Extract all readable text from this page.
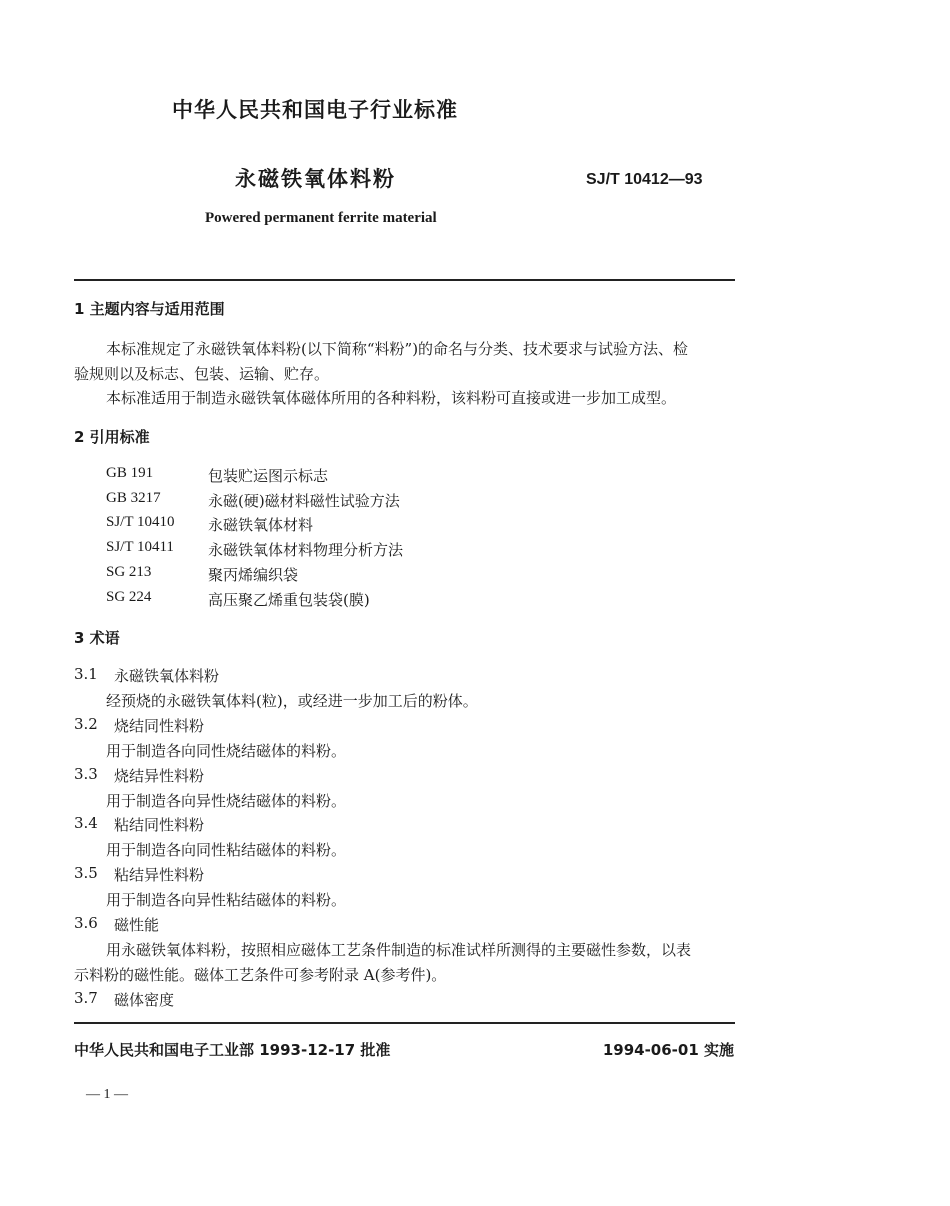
中华人民共和国电子行业标准
永磁铁氧体料粉	SJ/T 10412—93
Powered permanent ferrite material
1 主题内容与适用范围
本标准规定了永磁铁氧体料粉(以下简称“料粉”)的命名与分类、技术要求与试验方法、检
验规则以及标志、包装、运输、贮存。
本标准适用于制造永磁铁氧体磁体所用的各种料粉，该料粉可直接或进一步加工成型。
2 引用标准
GB 191	包装贮运图示标志
GB 3217	永磁(硬)磁材料磁性试验方法
SJ/T 10410 永磁铁氧体材料
SJ/T 10411 永磁铁氧体材料物理分析方法
SG 213	聚丙烯编织袋
SG 224	高压聚乙烯重包装袋(膜)
3 术语
3.1 永磁铁氧体料粉
经预烧的永磁铁氧体料(粒)，或经进一步加工后的粉体。
3.2 烧结同性料粉
用于制造各向同性烧结磁体的料粉。
3.3 烧结异性料粉
用于制造各向异性烧结磁体的料粉。
3.4 粘结同性料粉
用于制造各向同性粘结磁体的料粉。
3.5 粘结异性料粉
用于制造各向异性粘结磁体的料粉。
3.6 磁性能
用永磁铁氧体料粉，按照相应磁体工艺条件制造的标准试样所测得的主要磁性参数，以表
示料粉的磁性能。磁体工艺条件可参考附录 A(参考件)。
3.7 磁体密度
中华人民共和国电子工业部 1993-12-17 批准	1994-06-01 实施
— 1 —
